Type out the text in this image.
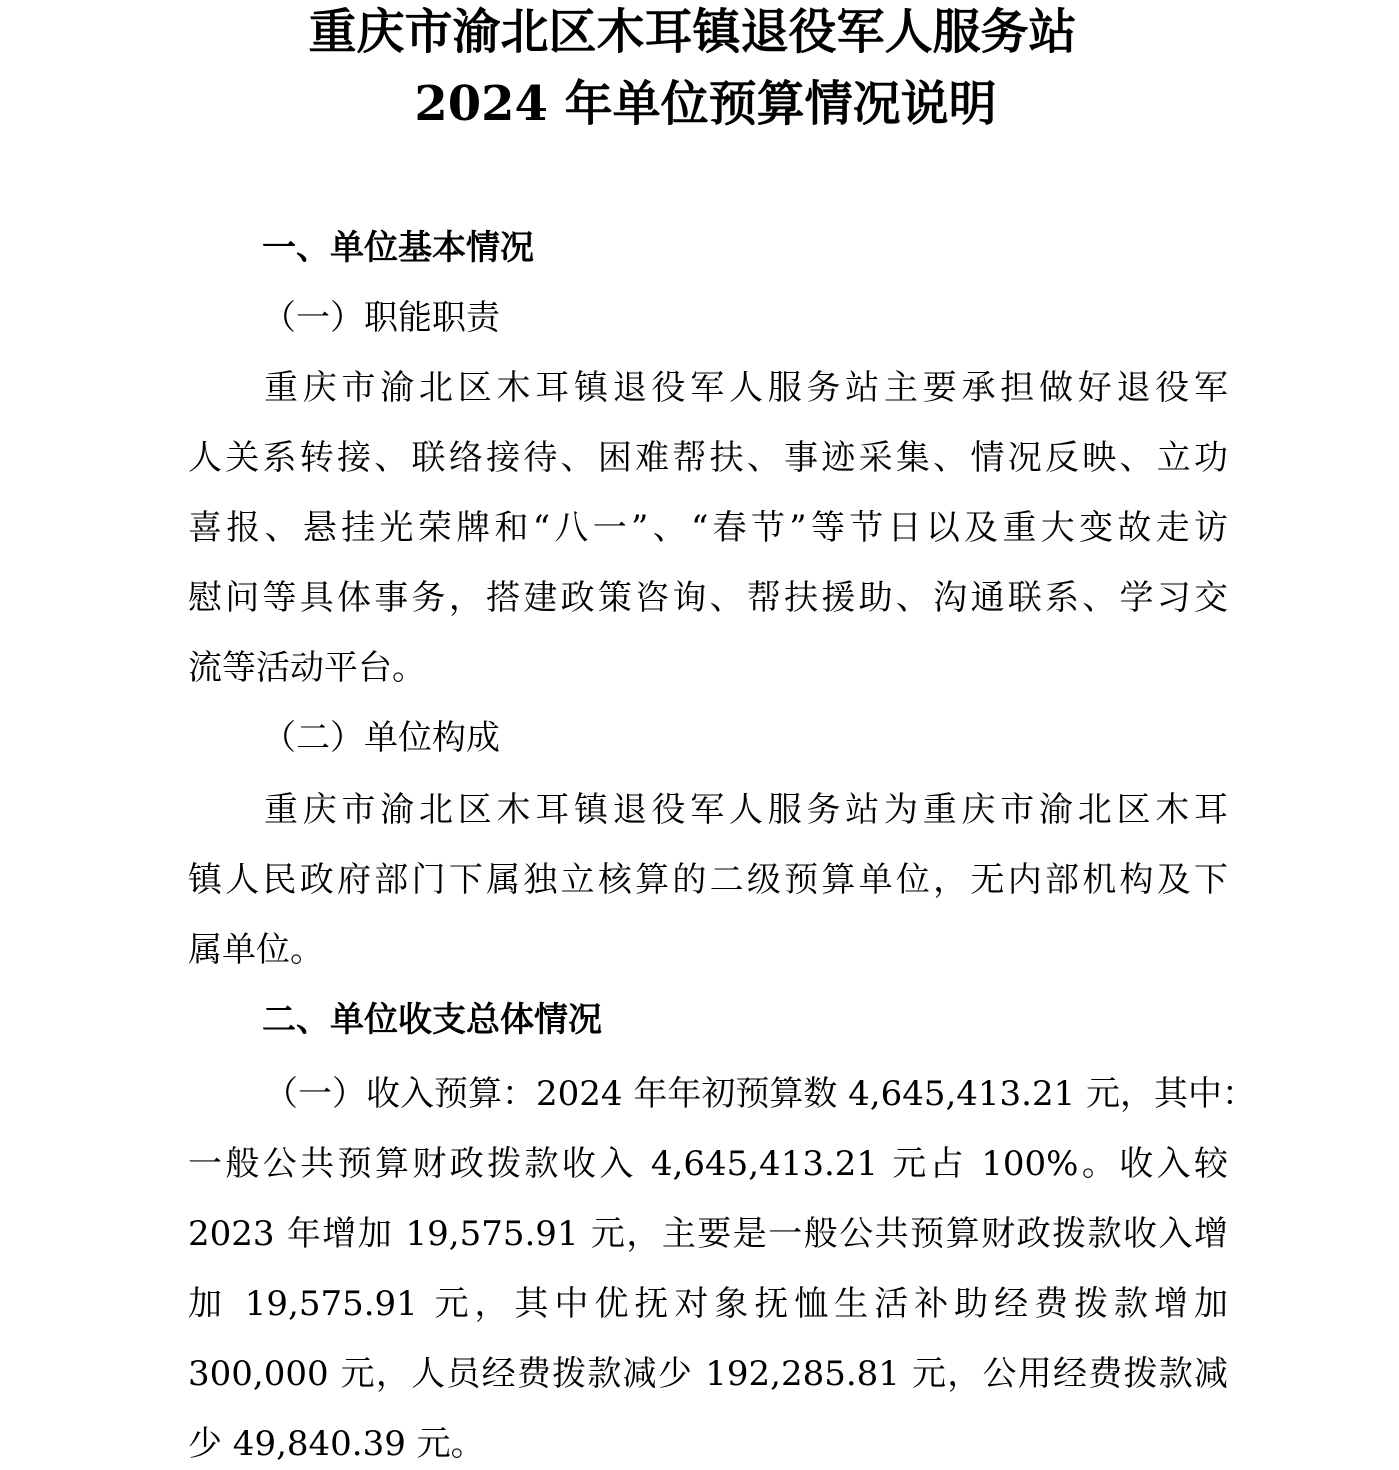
重庆市渝北区木耳镇退役军人服务站
2024 年单位预算情况说明
一、单位基本情况
（一）职能职责
重庆市渝北区木耳镇退役军人服务站主要承担做好退役军
人关系转接、联络接待、困难帮扶、事迹采集、情况反映、立功
喜报、悬挂光荣牌和“八一”、“春节”等节日以及重大变故走访
慰问等具体事务，搭建政策咨询、帮扶援助、沟通联系、学习交
流等活动平台。
（二）单位构成
重庆市渝北区木耳镇退役军人服务站为重庆市渝北区木耳
镇人民政府部门下属独立核算的二级预算单位，无内部机构及下
属单位。
二、单位收支总体情况
（一）收入预算：2024 年年初预算数 4,645,413.21 元，其中：
一般公共预算财政拨款收入 4,645,413.21 元占 100%。收入较
2023 年增加 19,575.91 元，主要是一般公共预算财政拨款收入增
加 19,575.91 元，其中优抚对象抚恤生活补助经费拨款增加
300,000 元，人员经费拨款减少 192,285.81 元，公用经费拨款减
少 49,840.39 元。
